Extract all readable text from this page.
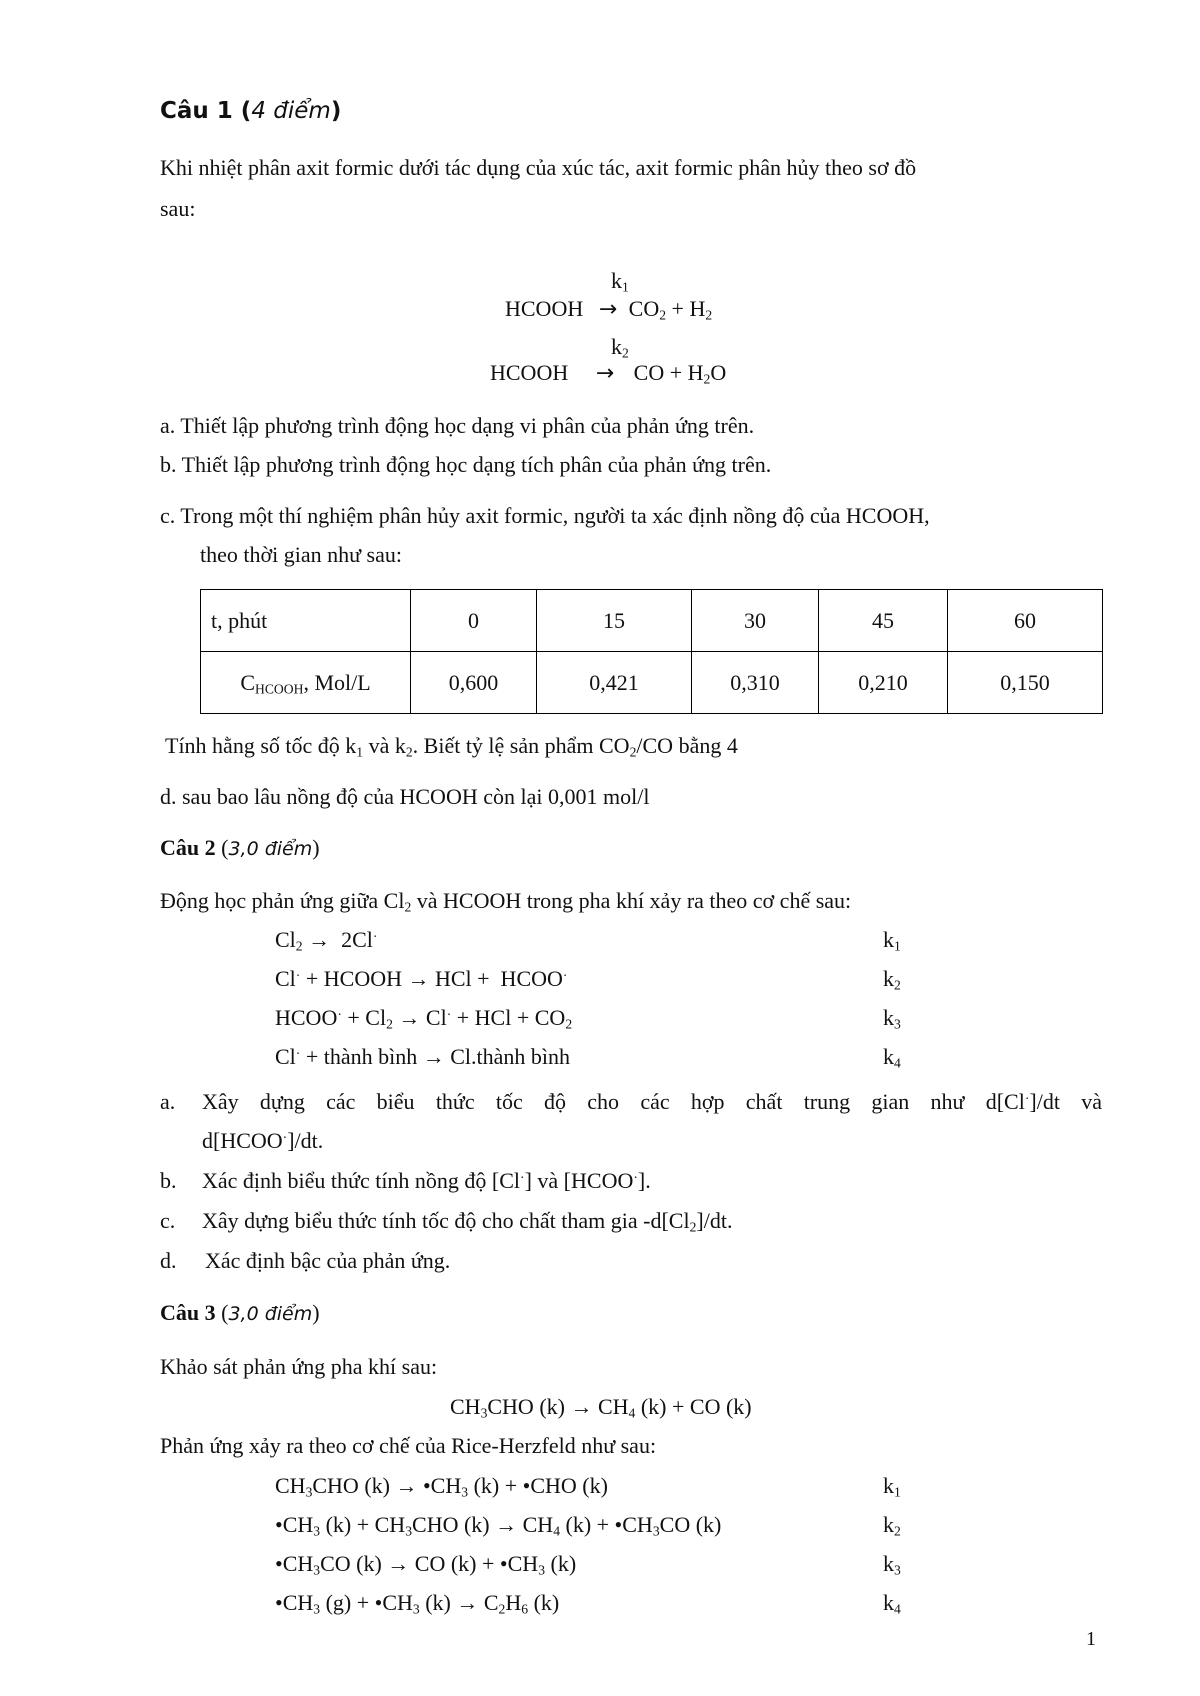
Câu 1 (4 điểm)
Khi nhiệt phân axit formic dưới tác dụng của xúc tác, axit formic phân hủy theo sơ đồ
sau:
$k_1$
HCOOH → $CO_2 + H_2$
$k_2$
HCOOH → CO + $H_2O$
a. Thiết lập phương trình động học dạng vi phân của phản ứng trên.
b. Thiết lập phương trình động học dạng tích phân của phản ứng trên.
c. Trong một thí nghiệm phân hủy axit formic, người ta xác định nồng độ của HCOOH,
theo thời gian như sau:
t, phút	0	15	30	45	60
$C_{HCOOH}$, Mol/L	0,600	0,421	0,310	0,210	0,150
Tính hằng số tốc độ $k_1$ và $k_2$. Biết tỷ lệ sản phẩm $CO_2/CO$ bằng 4
d. sau bao lâu nồng độ của HCOOH còn lại 0,001 mol/l
Câu 2 (3,0 điểm)
Động học phản ứng giữa $Cl_2$ và HCOOH trong pha khí xảy ra theo cơ chế sau:
$Cl_2 \to 2Cl^\cdot$	$k_1$
Cl· + HCOOH → HCl +  HCOO·	$k_2$
HCOO· + $Cl_2 \to Cl^\cdot$ + HCl + $CO_2$	$k_3$
Cl· + thành bình → Cl.thành bình	$k_4$
a. Xây dựng các biểu thức tốc độ cho các hợp chất trung gian như d[Cl·]/dt và
d[HCOO·]/dt.
b. Xác định biểu thức tính nồng độ [Cl·] và [HCOO·].
c. Xây dựng biểu thức tính tốc độ cho chất tham gia $-d[Cl_2]/dt$.
d. Xác định bậc của phản ứng.
Câu 3 (3,0 điểm)
Khảo sát phản ứng pha khí sau:
$CH_3CHO$ $(k) \to CH_4$ (k) + CO (k)
Phản ứng xảy ra theo cơ chế của Rice-Herzfeld như sau:
$CH_3CHO$ $(k) \to •CH_3$ (k) + •CHO (k)	$k_1$
$•CH_3$ $(k) + CH_3CHO$ $(k) \to CH_4$ $(k) + •CH_3CO$ (k)	$k_2$
$•CH_3CO$ (k) → CO $(k) + •CH_3$ (k)	$k_3$
$•CH_3$ $(g) + •CH_3$ $(k) \to C_2H_6$ (k)	$k_4$
1
